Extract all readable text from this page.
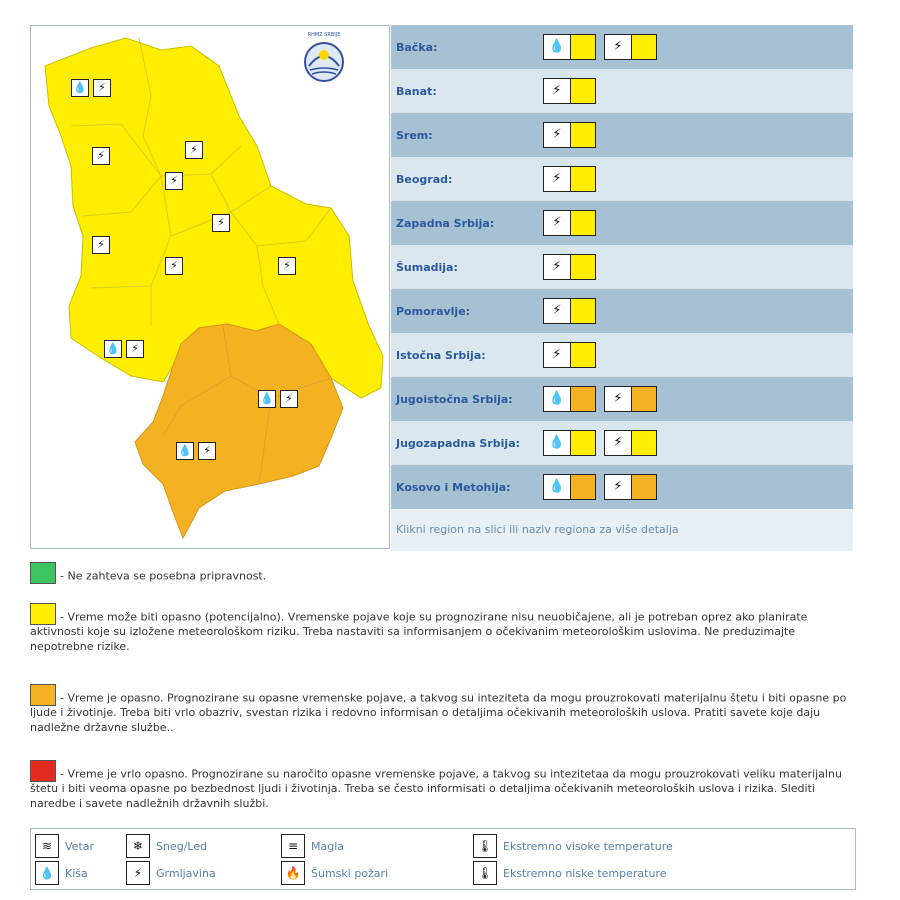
RHMZ SRBIJE
💧	⚡
⚡	⚡
⚡
⚡
⚡
⚡	⚡
💧	⚡
💧	⚡
💧	⚡
Bačka:	💧	⚡
Banat:	⚡
Srem:	⚡
Beograd:	⚡
Zapadna Srbija:	⚡
Šumadija:	⚡
Pomoravlje:	⚡
Istočna Srbija:	⚡
Jugoistočna Srbija:	💧	⚡
Jugozapadna Srbija:	💧	⚡
Kosovo i Metohija:	💧	⚡
Klikni region na slici ili naziv regiona za više detalja
- Ne zahteva se posebna pripravnost.
- Vreme može biti opasno (potencijalno). Vremenske pojave koje su prognozirane nisu neuobičajene, ali je potreban oprez ako planirate aktivnosti koje su izložene meteorološkom riziku. Treba nastaviti sa informisanjem o očekivanim meteorološkim uslovima. Ne preduzimajte nepotrebne rizike.
- Vreme je opasno. Prognozirane su opasne vremenske pojave, a takvog su inteziteta da mogu prouzrokovati materijalnu štetu i biti opasne po ljude i životinje. Treba biti vrlo obazriv, svestan rizika i redovno informisan o detaljima očekivanih meteoroloških uslova. Pratiti savete koje daju nadležne državne službe..
- Vreme je vrlo opasno. Prognozirane su naročito opasne vremenske pojave, a takvog su intezitetaa da mogu prouzrokovati veliku materijalnu štetu i biti veoma opasne po bezbednost ljudi i životinja. Treba se često informisati o detaljima očekivanih meteoroloških uslova i rizika. Slediti naredbe i savete nadležnih državnih službi.
≋	Vetar	❄	Sneg/Led	≡	Magla	🌡 Ekstremno visoke temperature
💧 Kiša	⚡	Grmljavina	🔥 Šumski požari	🌡 Ekstremno niske temperature
